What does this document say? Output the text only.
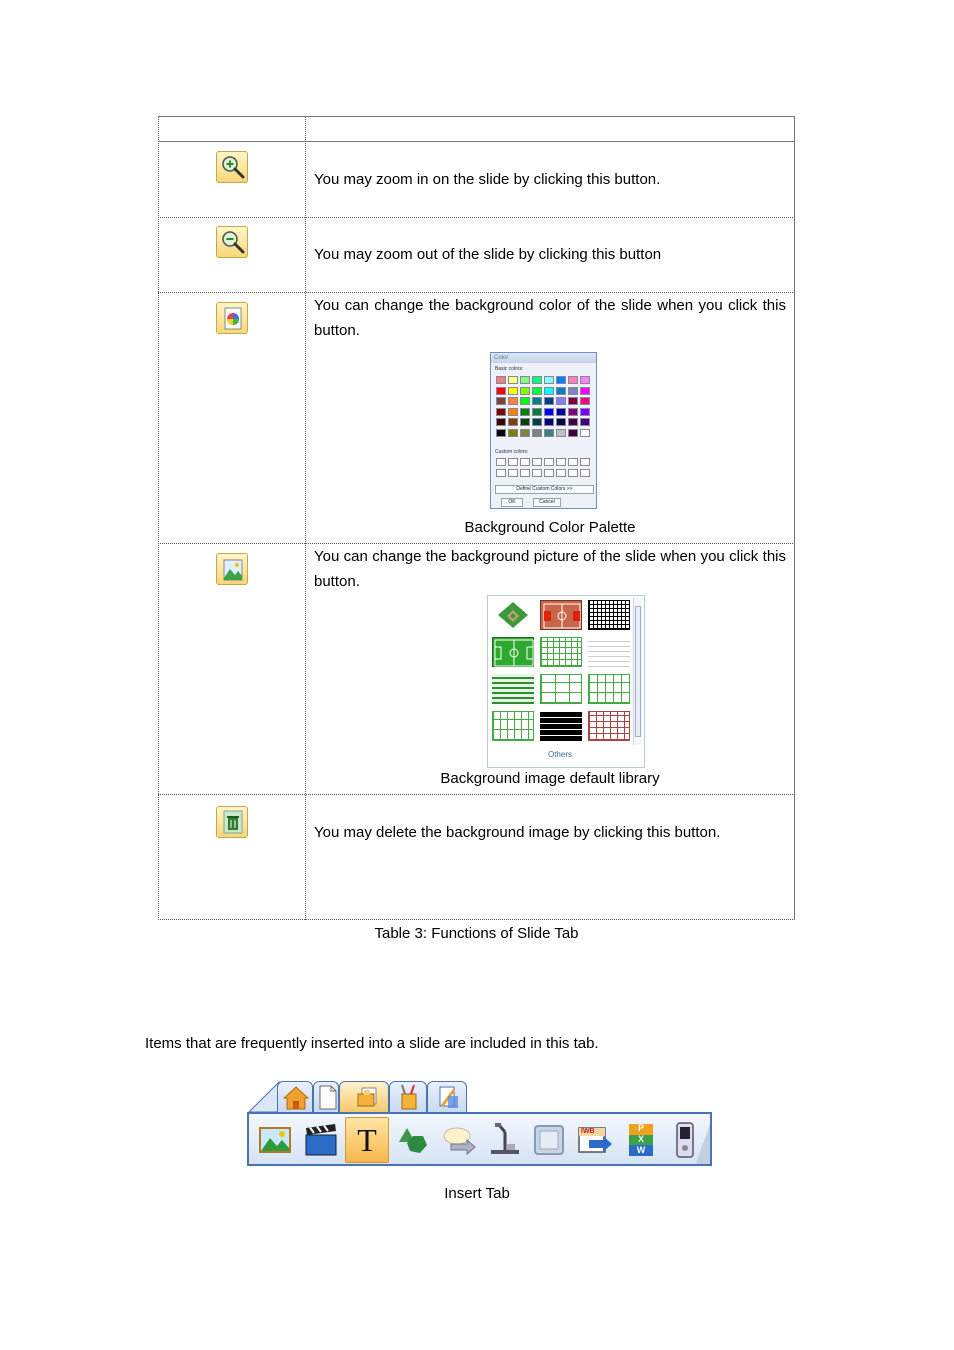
You may zoom in on the slide by clicking this button.
You may zoom out of the slide by clicking this button
You can change the background color of the slide when you click this button.
Background Color Palette
You can change the background picture of the slide when you click this button.
Background image default library
You may delete the background image by clicking this button.
Color
Basic colors:
Custom colors:
Define Custom Colors >>
OK	Cancel
Others
Table 3: Functions of Slide Tab
Items that are frequently inserted into a slide are included in this tab.
T	IWB	P
X
W
Insert Tab
